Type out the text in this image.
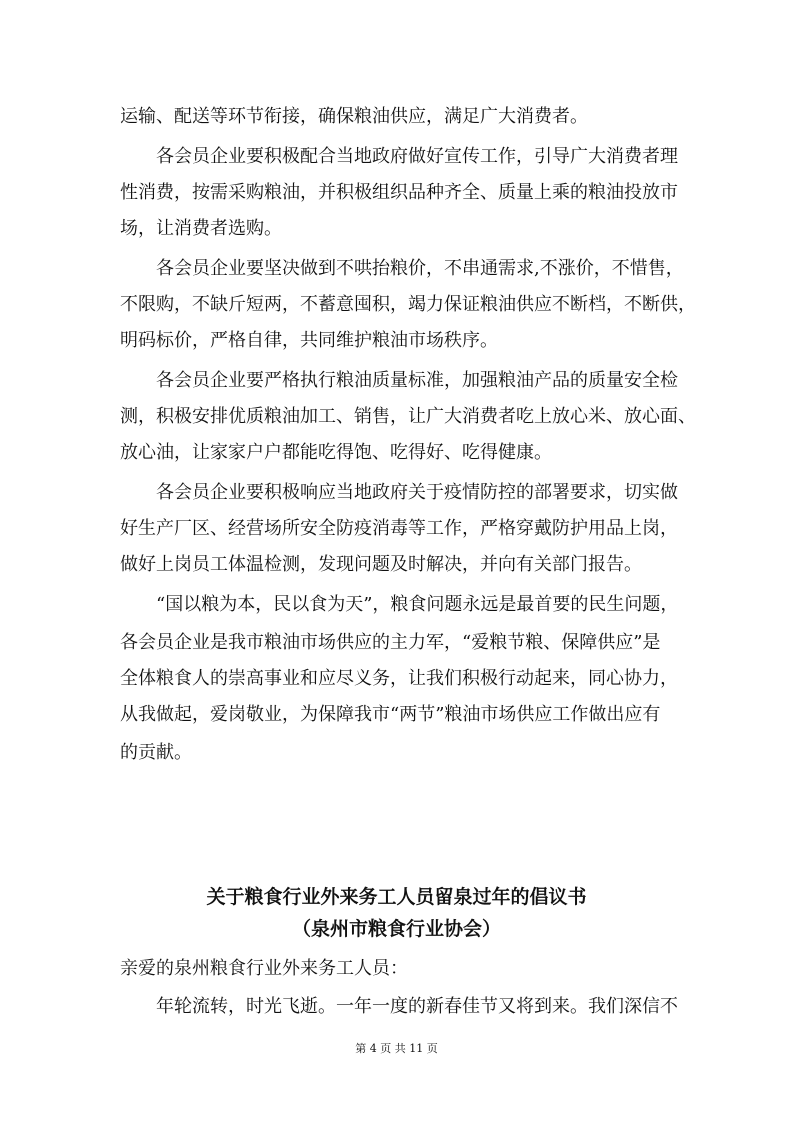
运输、配送等环节衔接，确保粮油供应，满足广大消费者。
各会员企业要积极配合当地政府做好宣传工作，引导广大消费者理
性消费，按需采购粮油，并积极组织品种齐全、质量上乘的粮油投放市
场，让消费者选购。
各会员企业要坚决做到不哄抬粮价，不串通需求,不涨价，不惜售，
不限购，不缺斤短两，不蓄意囤积，竭力保证粮油供应不断档，不断供，
明码标价，严格自律，共同维护粮油市场秩序。
各会员企业要严格执行粮油质量标准，加强粮油产品的质量安全检
测，积极安排优质粮油加工、销售，让广大消费者吃上放心米、放心面、
放心油，让家家户户都能吃得饱、吃得好、吃得健康。
各会员企业要积极响应当地政府关于疫情防控的部署要求，切实做
好生产厂区、经营场所安全防疫消毒等工作，严格穿戴防护用品上岗，
做好上岗员工体温检测，发现问题及时解决，并向有关部门报告。
“国以粮为本，民以食为天”，粮食问题永远是最首要的民生问题，
各会员企业是我市粮油市场供应的主力军，“爱粮节粮、保障供应”是
全体粮食人的崇高事业和应尽义务，让我们积极行动起来，同心协力，
从我做起，爱岗敬业，为保障我市“两节”粮油市场供应工作做出应有
的贡献。
关于粮食行业外来务工人员留泉过年的倡议书
（泉州市粮食行业协会）
亲爱的泉州粮食行业外来务工人员：
年轮流转，时光飞逝。一年一度的新春佳节又将到来。我们深信不
第 4 页 共 11 页
